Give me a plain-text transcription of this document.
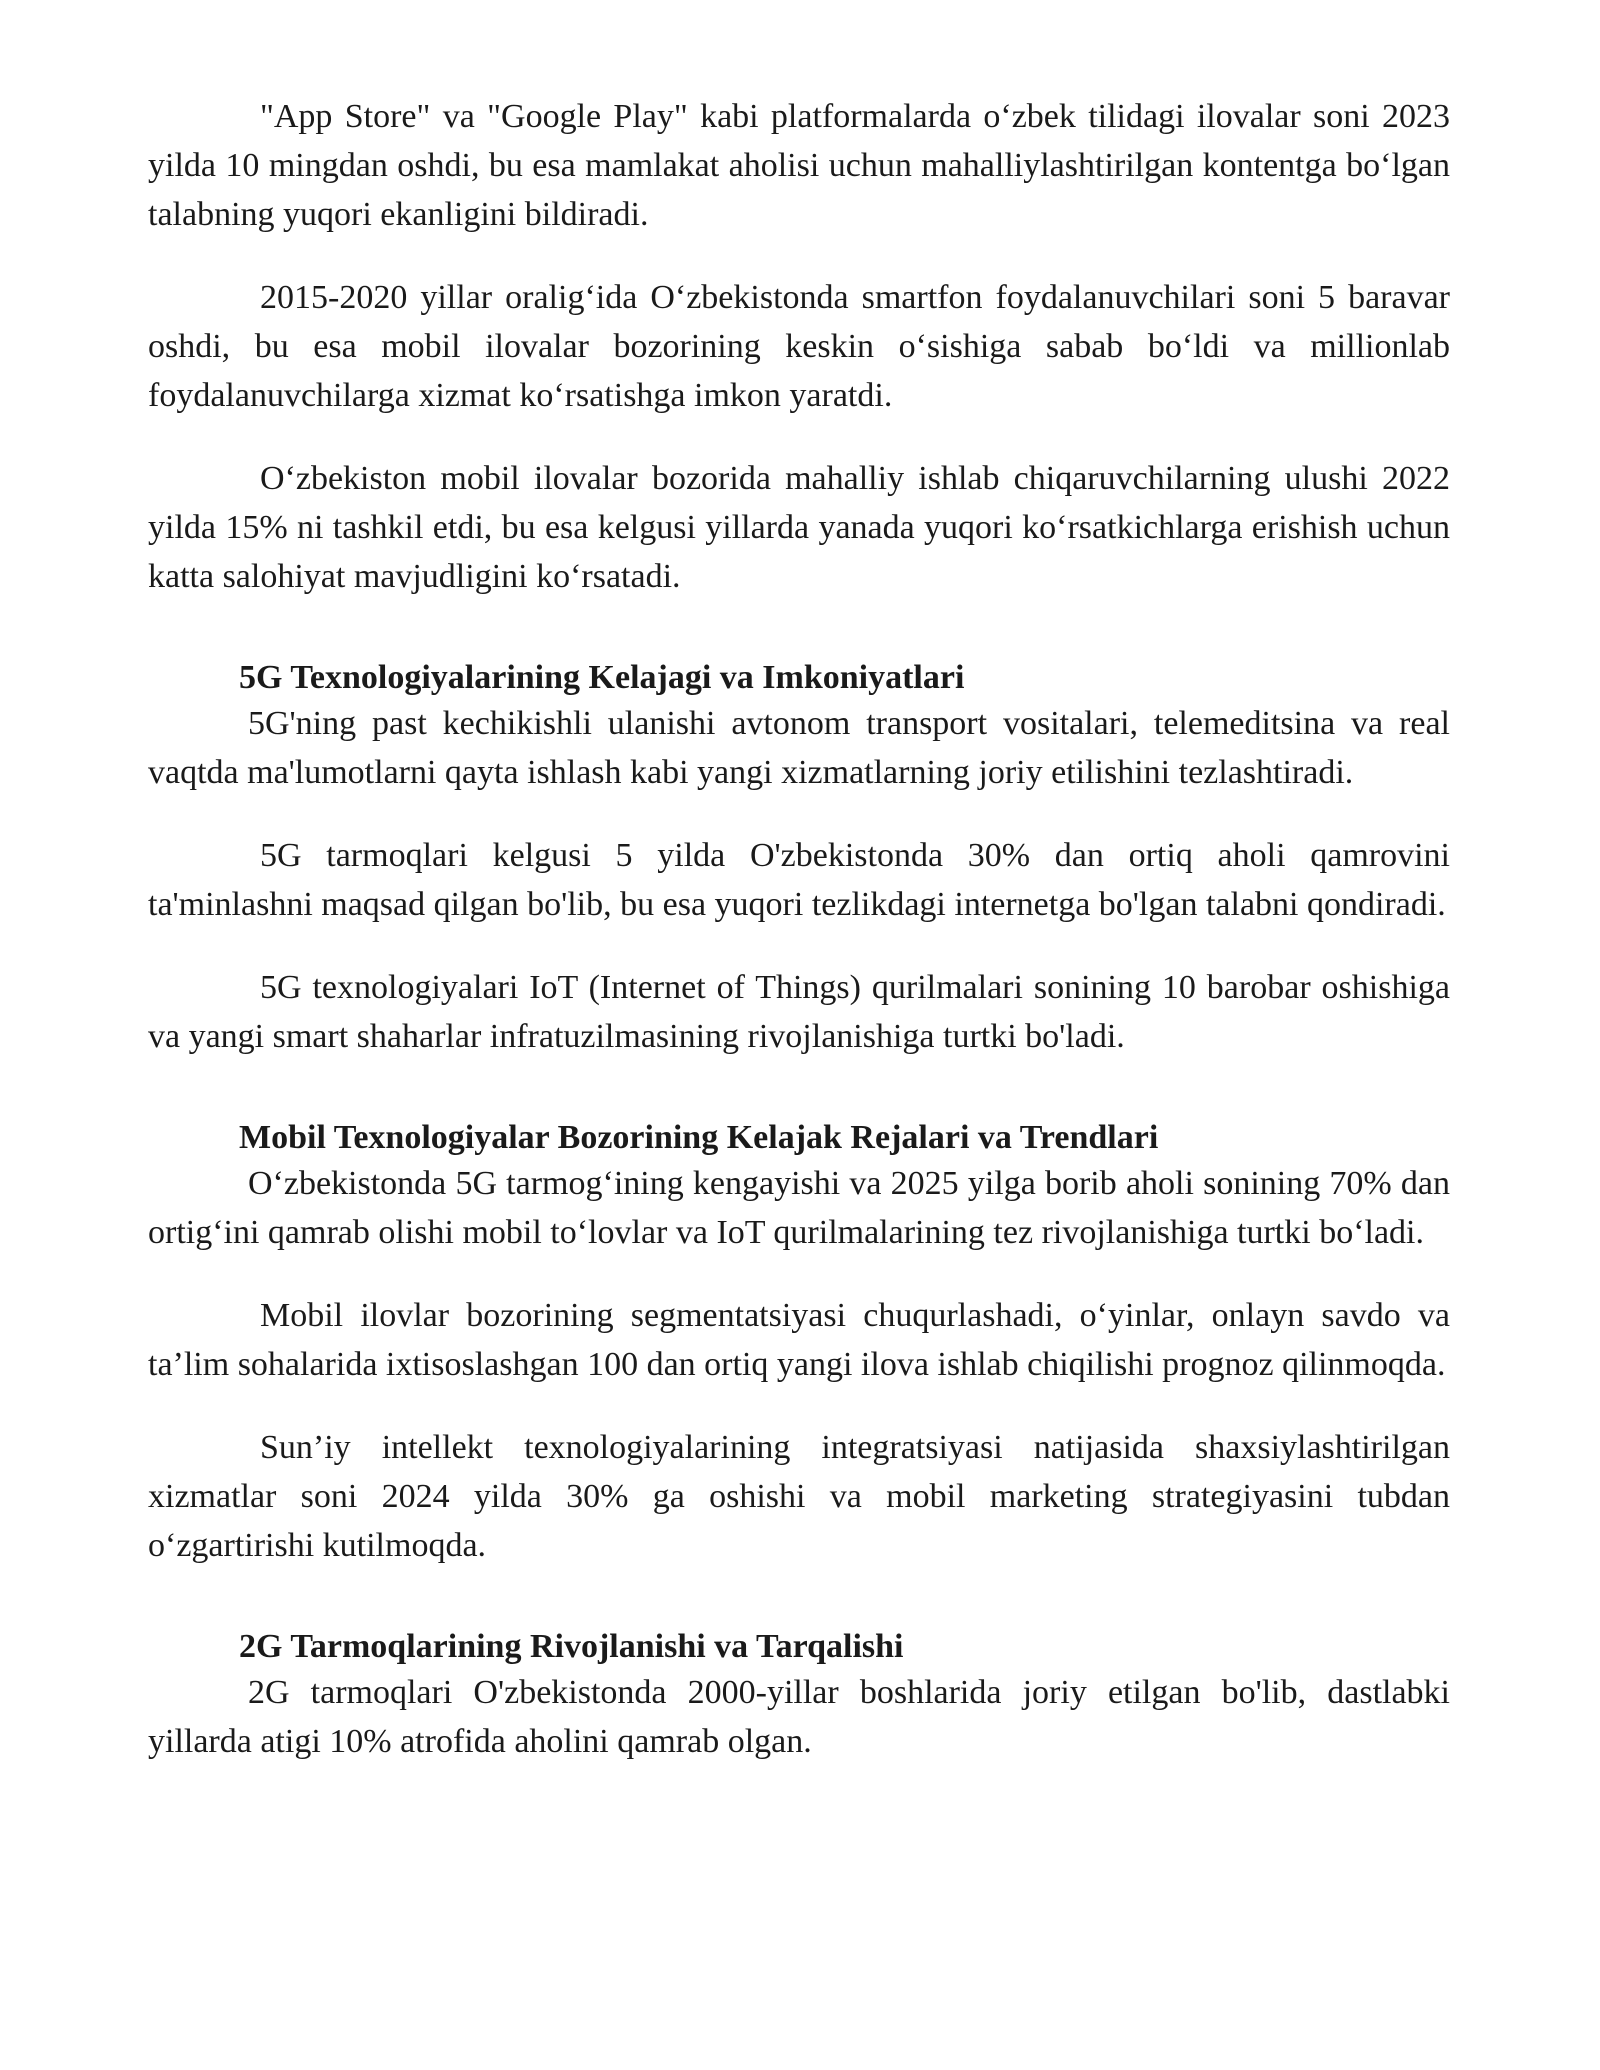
"App Store" va "Google Play" kabi platformalarda o‘zbek tilidagi ilovalar soni 2023 yilda 10 mingdan oshdi, bu esa mamlakat aholisi uchun mahalliylashtirilgan kontentga bo‘lgan talabning yuqori ekanligini bildiradi.

2015-2020 yillar oralig‘ida O‘zbekistonda smartfon foydalanuvchilari soni 5 baravar oshdi, bu esa mobil ilovalar bozorining keskin o‘sishiga sabab bo‘ldi va millionlab foydalanuvchilarga xizmat ko‘rsatishga imkon yaratdi.

O‘zbekiston mobil ilovalar bozorida mahalliy ishlab chiqaruvchilarning ulushi 2022 yilda 15% ni tashkil etdi, bu esa kelgusi yillarda yanada yuqori ko‘rsatkichlarga erishish uchun katta salohiyat mavjudligini ko‘rsatadi.

5G Texnologiyalarining Kelajagi va Imkoniyatlari

5G'ning past kechikishli ulanishi avtonom transport vositalari, telemeditsina va real vaqtda ma'lumotlarni qayta ishlash kabi yangi xizmatlarning joriy etilishini tezlashtiradi.

5G tarmoqlari kelgusi 5 yilda O'zbekistonda 30% dan ortiq aholi qamrovini ta'minlashni maqsad qilgan bo'lib, bu esa yuqori tezlikdagi internetga bo'lgan talabni qondiradi.

5G texnologiyalari IoT (Internet of Things) qurilmalari sonining 10 barobar oshishiga va yangi smart shaharlar infratuzilmasining rivojlanishiga turtki bo'ladi.

Mobil Texnologiyalar Bozorining Kelajak Rejalari va Trendlari

O‘zbekistonda 5G tarmog‘ining kengayishi va 2025 yilga borib aholi sonining 70% dan ortig‘ini qamrab olishi mobil to‘lovlar va IoT qurilmalarining tez rivojlanishiga turtki bo‘ladi.

Mobil ilovlar bozorining segmentatsiyasi chuqurlashadi, o‘yinlar, onlayn savdo va ta’lim sohalarida ixtisoslashgan 100 dan ortiq yangi ilova ishlab chiqilishi prognoz qilinmoqda.

Sun’iy intellekt texnologiyalarining integratsiyasi natijasida shaxsiylashtirilgan xizmatlar soni 2024 yilda 30% ga oshishi va mobil marketing strategiyasini tubdan o‘zgartirishi kutilmoqda.

2G Tarmoqlarining Rivojlanishi va Tarqalishi

2G tarmoqlari O'zbekistonda 2000-yillar boshlarida joriy etilgan bo'lib, dastlabki yillarda atigi 10% atrofida aholini qamrab olgan.
